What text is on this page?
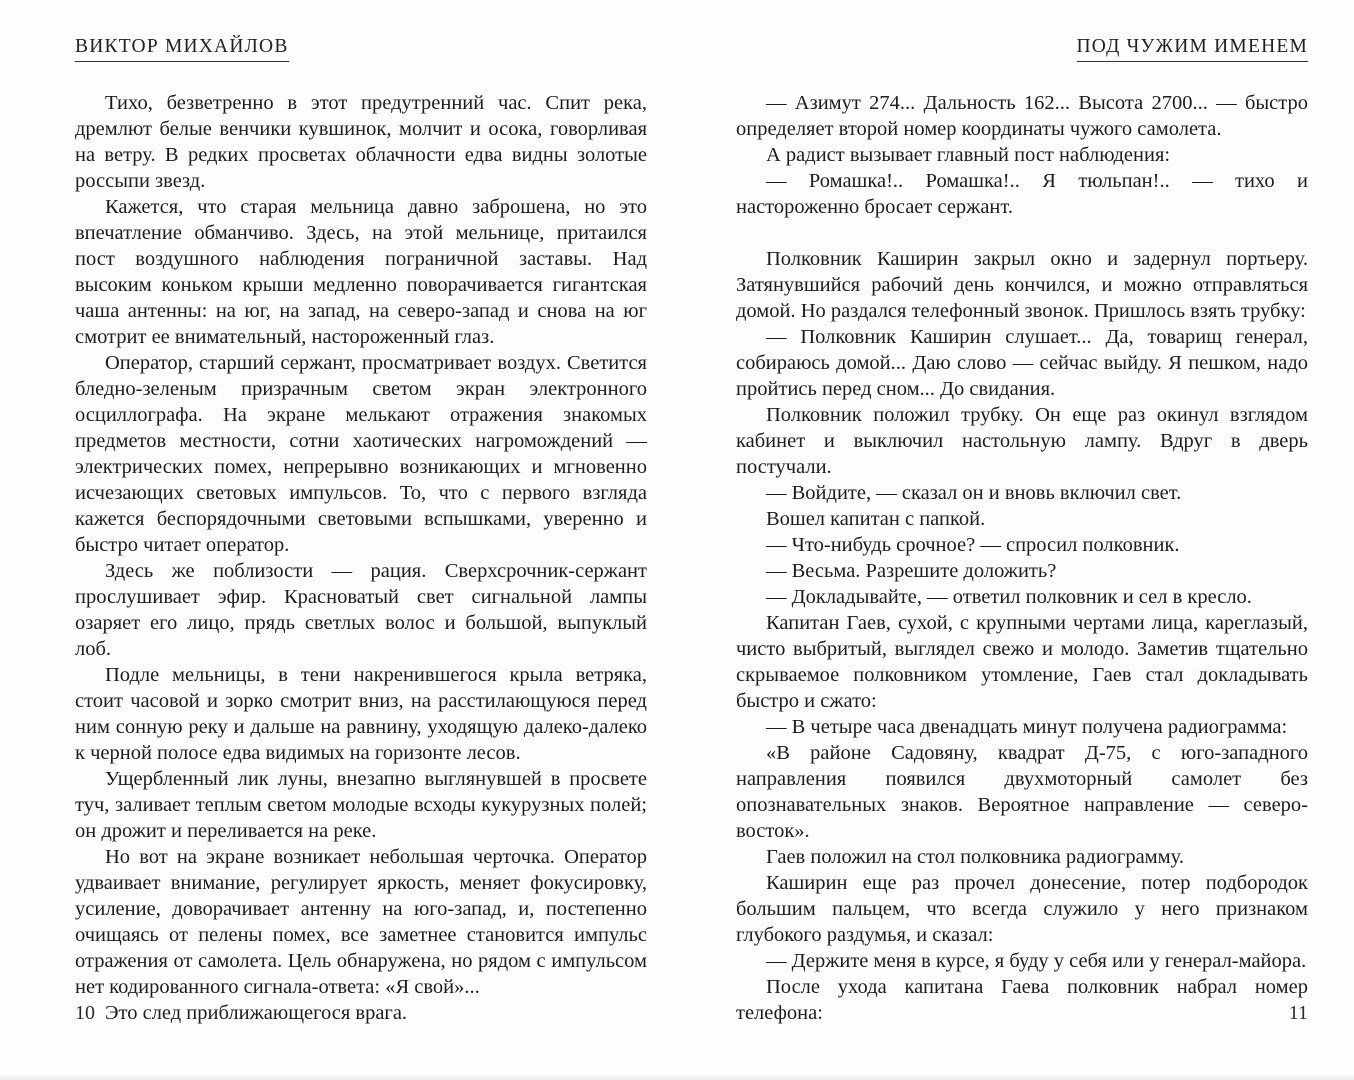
ВИКТОР МИХАЙЛОВ

Тихо, безветренно в этот предутренний час. Спит река, дремлют белые венчики кувшинок, молчит и осока, говорливая на ветру. В редких просветах облачности едва видны золотые россыпи звезд.

Кажется, что старая мельница давно заброшена, но это впечатление обманчиво. Здесь, на этой мельнице, притаился пост воздушного наблюдения пограничной заставы. Над высоким коньком крыши медленно поворачивается гигантская чаша антенны: на юг, на запад, на северо-запад и снова на юг смотрит ее внимательный, настороженный глаз.

Оператор, старший сержант, просматривает воздух. Светится бледно-зеленым призрачным светом экран электронного осциллографа. На экране мелькают отражения знакомых предметов местности, сотни хаотических нагромождений — электрических помех, непрерывно возникающих и мгновенно исчезающих световых импульсов. То, что с первого взгляда кажется беспорядочными световыми вспышками, уверенно и быстро читает оператор.

Здесь же поблизости — рация. Сверхсрочник-сержант прослушивает эфир. Красноватый свет сигнальной лампы озаряет его лицо, прядь светлых волос и большой, выпуклый лоб.

Подле мельницы, в тени накренившегося крыла ветряка, стоит часовой и зорко смотрит вниз, на расстилающуюся перед ним сонную реку и дальше на равнину, уходящую далеко-далеко к черной полосе едва видимых на горизонте лесов.

Ущербленный лик луны, внезапно выглянувшей в просвете туч, заливает теплым светом молодые всходы кукурузных полей; он дрожит и переливается на реке.

Но вот на экране возникает небольшая черточка. Оператор удваивает внимание, регулирует яркость, меняет фокусировку, усиление, доворачивает антенну на юго-запад, и, постепенно очищаясь от пелены помех, все заметнее становится импульс отражения от самолета. Цель обнаружена, но рядом с импульсом нет кодированного сигнала-ответа: «Я свой»...

Это след приближающегося врага.

ПОД ЧУЖИМ ИМЕНЕМ

— Азимут 274... Дальность 162... Высота 2700... — быстро определяет второй номер координаты чужого самолета.

А радист вызывает главный пост наблюдения:

— Ромашка!.. Ромашка!.. Я тюльпан!.. — тихо и настороженно бросает сержант.

Полковник Каширин закрыл окно и задернул портьеру. Затянувшийся рабочий день кончился, и можно отправляться домой. Но раздался телефонный звонок. Пришлось взять трубку:

— Полковник Каширин слушает... Да, товарищ генерал, собираюсь домой... Даю слово — сейчас выйду. Я пешком, надо пройтись перед сном... До свидания.

Полковник положил трубку. Он еще раз окинул взглядом кабинет и выключил настольную лампу. Вдруг в дверь постучали.

— Войдите, — сказал он и вновь включил свет.

Вошел капитан с папкой.

— Что-нибудь срочное? — спросил полковник.

— Весьма. Разрешите доложить?

— Докладывайте, — ответил полковник и сел в кресло.

Капитан Гаев, сухой, с крупными чертами лица, кареглазый, чисто выбритый, выглядел свежо и молодо. Заметив тщательно скрываемое полковником утомление, Гаев стал докладывать быстро и сжато:

— В четыре часа двенадцать минут получена радиограмма:

«В районе Садовяну, квадрат Д-75, с юго-западного направления появился двухмоторный самолет без опознавательных знаков. Вероятное направление — северо-восток».

Гаев положил на стол полковника радиограмму.

Каширин еще раз прочел донесение, потер подбородок большим пальцем, что всегда служило у него признаком глубокого раздумья, и сказал:

— Держите меня в курсе, я буду у себя или у генерал-майора.

После ухода капитана Гаева полковник набрал номер телефона:

10	11
